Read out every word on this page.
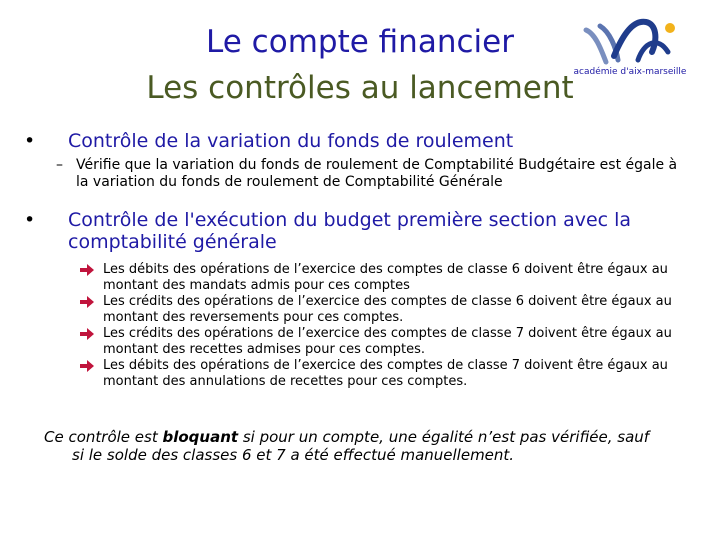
Le compte financier
Les contrôles au lancement académie d'aix-marseille
•	Contrôle de la variation du fonds de roulement
– Vérifie que la variation du fonds de roulement de Comptabilité Budgétaire est égale à la variation du fonds de roulement de Comptabilité Générale
•	Contrôle de l'exécution du budget première section avec la comptabilité générale
Les débits des opérations de l’exercice des comptes de classe 6 doivent être égaux au montant des mandats admis pour ces comptes
Les crédits des opérations de l’exercice des comptes de classe 6 doivent être égaux au montant des reversements pour ces comptes.
Les crédits des opérations de l’exercice des comptes de classe 7 doivent être égaux au montant des recettes admises pour ces comptes.
Les débits des opérations de l’exercice des comptes de classe 7 doivent être égaux au montant des annulations de recettes pour ces comptes.
Ce contrôle est bloquant si pour un compte, une égalité n’est pas vérifiée, sauf
si le solde des classes 6 et 7 a été effectué manuellement.
